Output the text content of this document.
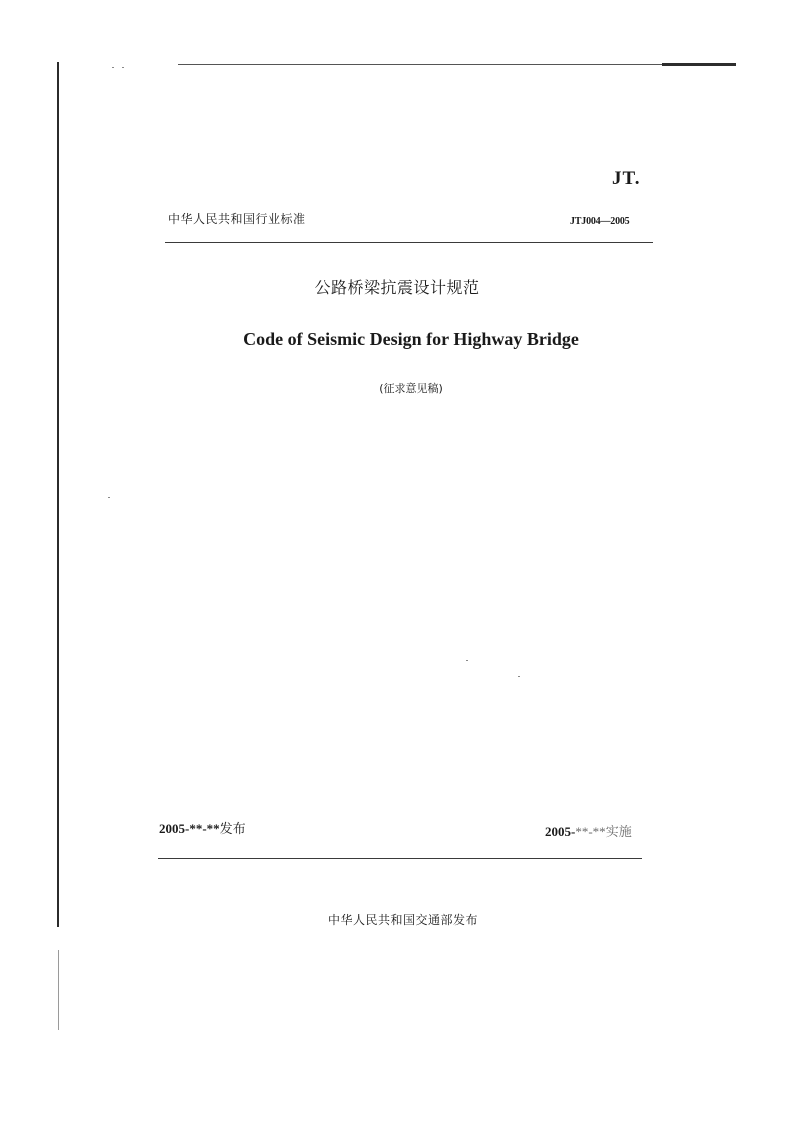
JT.
中华人民共和国行业标准	JTJ004—2005
公路桥梁抗震设计规范
Code of Seismic Design for Highway Bridge
(征求意见稿)
2005-**-**发布	2005-**-**实施
中华人民共和国交通部发布
